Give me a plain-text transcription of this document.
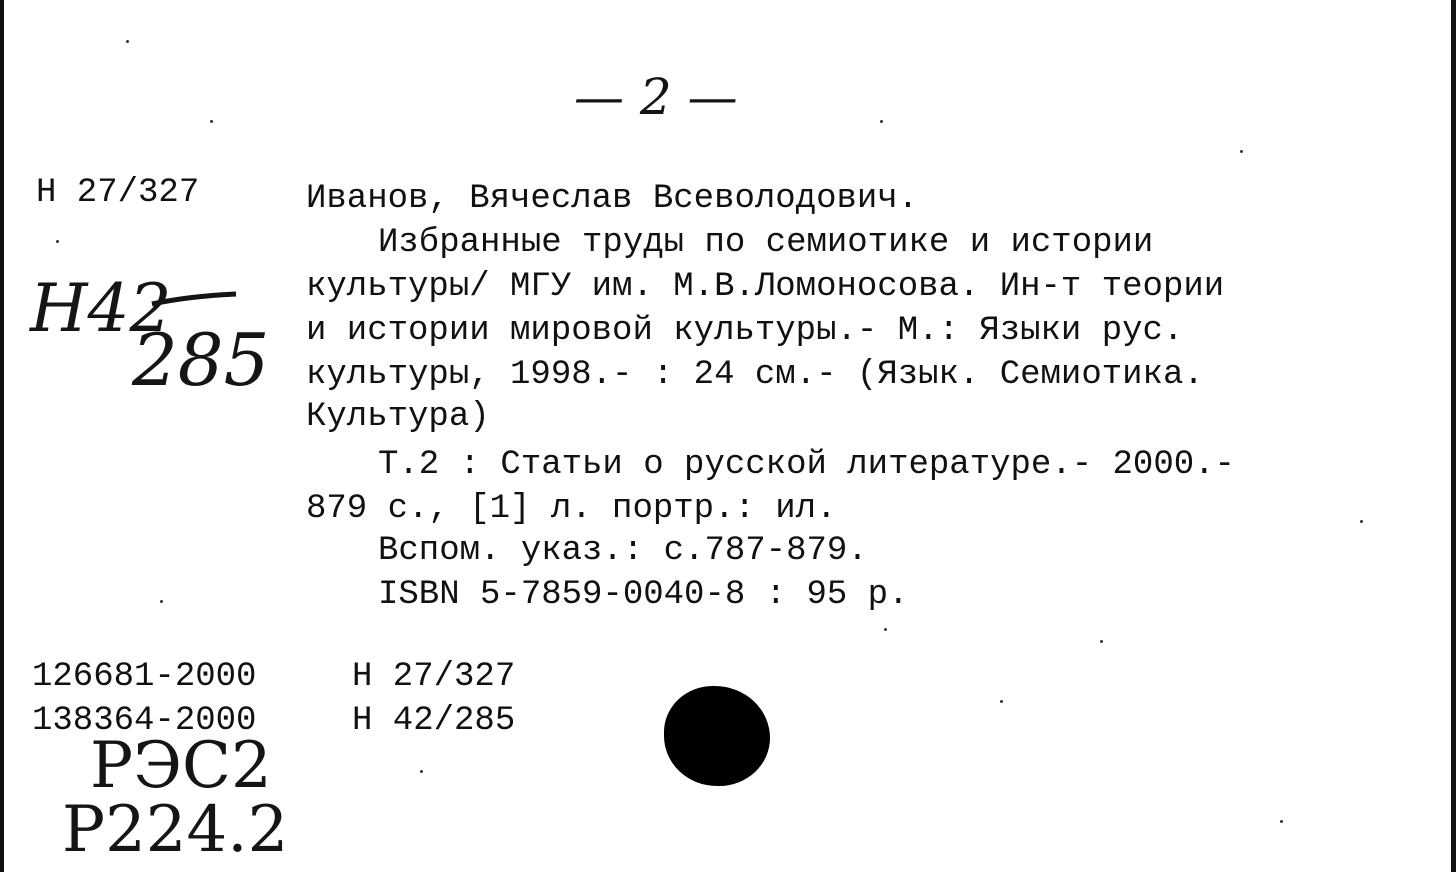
— 2 —
Н 27/327
Н42
285
Иванов, Вячеслав Всеволодович.
Избранные труды по семиотике и истории
культуры/ МГУ им. М.В.Ломоносова. Ин-т теории
и истории мировой культуры.- М.: Языки рус.
культуры, 1998.- : 24 см.- (Язык. Семиотика.
Культура)
Т.2 : Статьи о русской литературе.- 2000.-
879 с., [1] л. портр.: ил.
Вспом. указ.: с.787-879.
ISBN 5-7859-0040-8 : 95 р.
126681-2000	Н 27/327
138364-2000	Н 42/285
РЭС2
Р224.2
